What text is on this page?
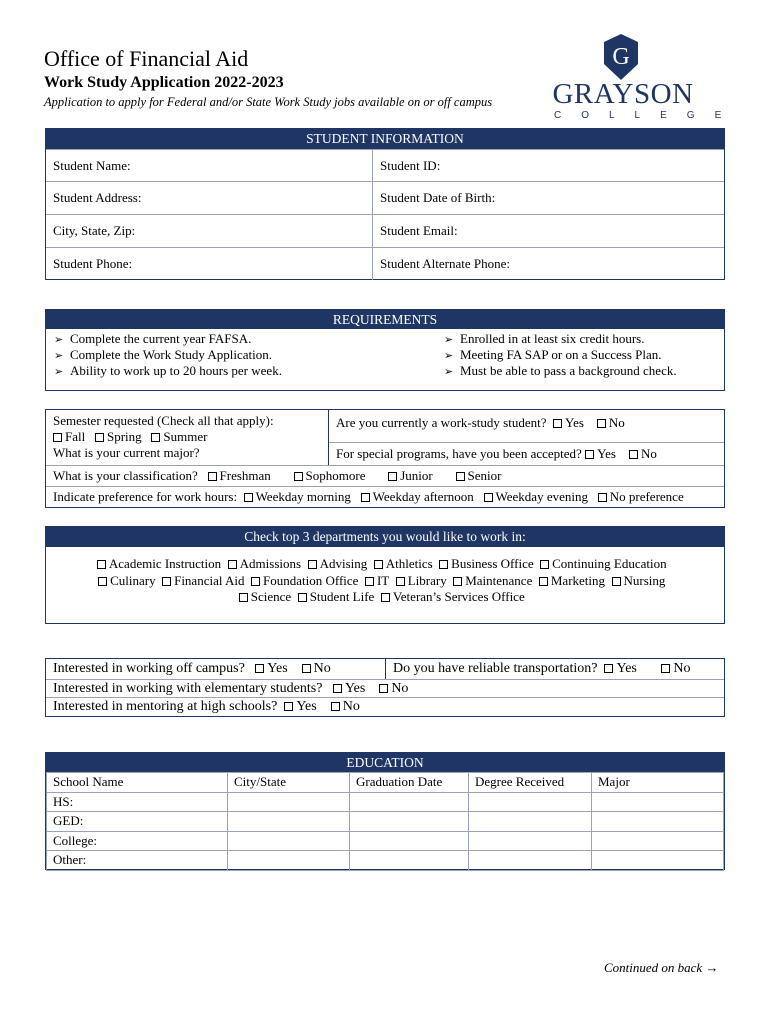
Office of Financial Aid
Work Study Application 2022-2023
Application to apply for Federal and/or State Work Study jobs available on or off campus
G
GRAYSON
COLLEGE
STUDENT INFORMATION
Student Name:	Student ID:
Student Address:	Student Date of Birth:
City, State, Zip:	Student Email:
Student Phone:	Student Alternate Phone:
REQUIREMENTS
➢ Complete the current year FAFSA.
➢ Complete the Work Study Application.
➢ Ability to work up to 20 hours per week.
➢ Enrolled in at least six credit hours.
➢ Meeting FA SAP or on a Success Plan.
➢ Must be able to pass a background check.
Semester requested (Check all that apply):
Fall Spring Summer
What is your current major?
Are you currently a work-study student? Yes No
For special programs, have you been accepted? Yes No
What is your classification? Freshman	Sophomore	Junior	Senior
Indicate preference for work hours: Weekday morning Weekday afternoon Weekday evening No preference
Check top 3 departments you would like to work in:
Academic Instruction Admissions Advising Athletics Business Office Continuing Education
Culinary Financial Aid Foundation Office IT Library Maintenance Marketing Nursing
Science Student Life Veteran’s Services Office
Interested in working off campus? Yes No	Do you have reliable transportation? Yes	No
Interested in working with elementary students? Yes No
Interested in mentoring at high schools? Yes No
EDUCATION
School Name	City/State	Graduation Date	Degree Received	Major
HS:				
GED:				
College:				
Other:				
Continued on back →
